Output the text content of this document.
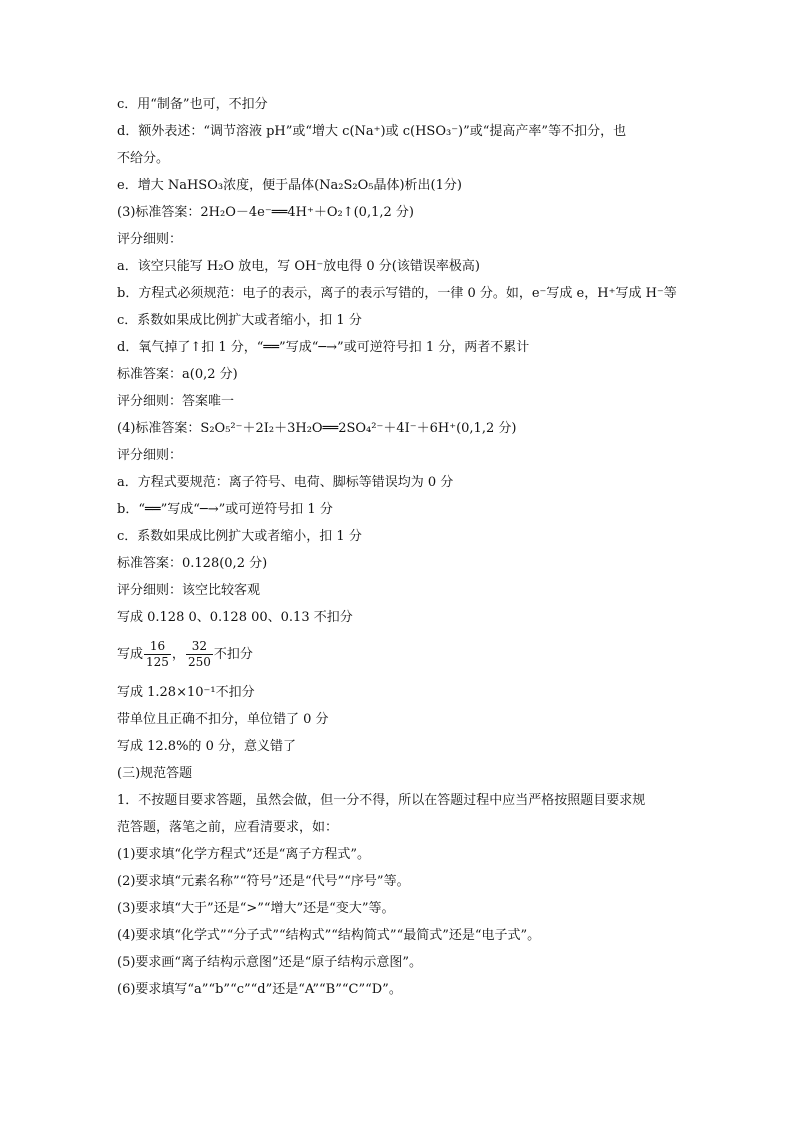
c．用“制备”也可，不扣分
d．额外表述：“调节溶液 pH”或“增大 c(Na⁺)或 c(HSO₃⁻)”或“提高产率”等不扣分，也
不给分。
e．增大 NaHSO₃浓度，便于晶体(Na₂S₂O₅晶体)析出(1分)
(3)标准答案：2H₂O－4e⁻══4H⁺＋O₂↑(0,1,2 分)
评分细则：
a．该空只能写 H₂O 放电，写 OH⁻放电得 0 分(该错误率极高)
b．方程式必须规范：电子的表示，离子的表示写错的，一律 0 分。如，e⁻写成 e，H⁺写成 H⁻等
c．系数如果成比例扩大或者缩小，扣 1 分
d．氧气掉了↑扣 1 分，“══”写成“─→”或可逆符号扣 1 分，两者不累计
标准答案：a(0,2 分)
评分细则：答案唯一
(4)标准答案：S₂O₅²⁻＋2I₂＋3H₂O══2SO₄²⁻＋4I⁻＋6H⁺(0,1,2 分)
评分细则：
a．方程式要规范：离子符号、电荷、脚标等错误均为 0 分
b．“══”写成“─→”或可逆符号扣 1 分
c．系数如果成比例扩大或者缩小，扣 1 分
标准答案：0.128(0,2 分)
评分细则：该空比较客观
写成 0.128 0、0.128 00、0.13 不扣分
写成 $\frac{16}{125}$ ， $\frac{32}{250}$ 不扣分
写成 1.28×10⁻¹不扣分
带单位且正确不扣分，单位错了 0 分
写成 12.8%的 0 分，意义错了
(三)规范答题
1．不按题目要求答题，虽然会做，但一分不得，所以在答题过程中应当严格按照题目要求规
范答题，落笔之前，应看清要求，如：
(1)要求填“化学方程式”还是“离子方程式”。
(2)要求填“元素名称”“符号”还是“代号”“序号”等。
(3)要求填“大于”还是“>”“增大”还是“变大”等。
(4)要求填“化学式”“分子式”“结构式”“结构简式”“最简式”还是“电子式”。
(5)要求画“离子结构示意图”还是“原子结构示意图”。
(6)要求填写“a”“b”“c”“d”还是“A”“B”“C”“D”。
